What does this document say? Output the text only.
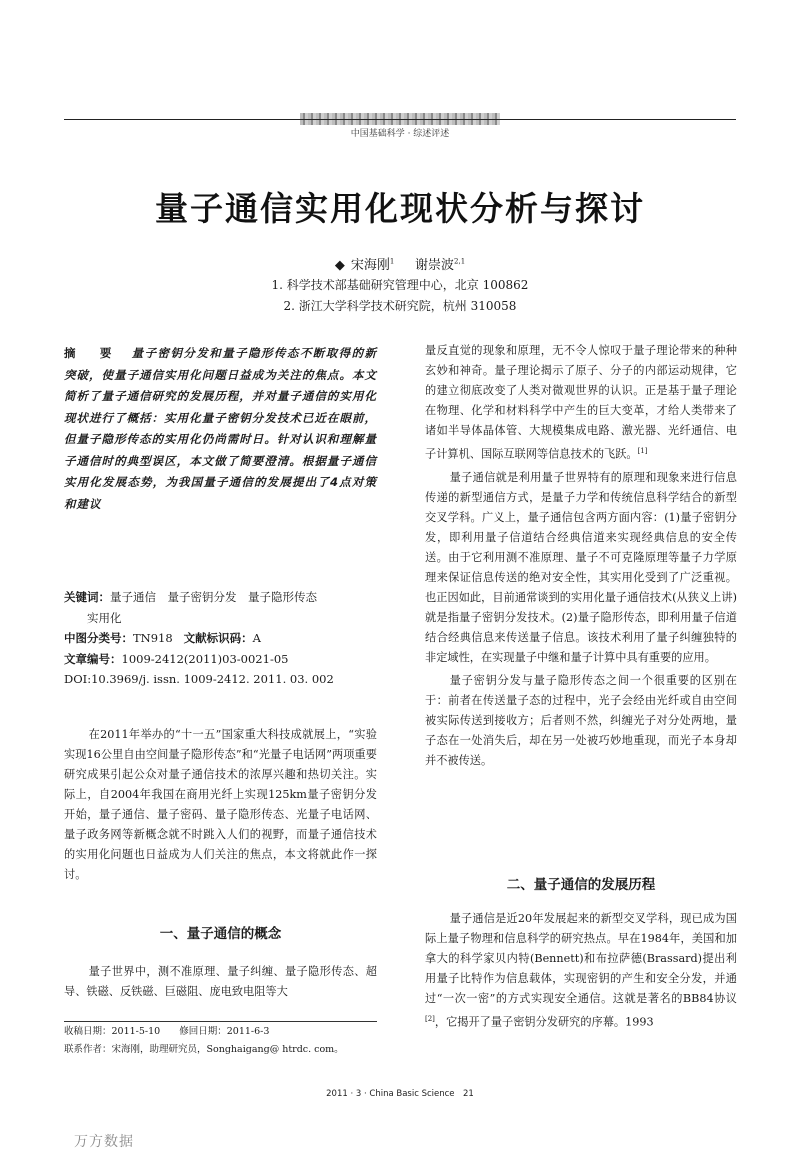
中国基础科学 · 综述评述
量子通信实用化现状分析与探讨
◆ 宋海刚$^1$ 谢崇波$^{2,1}$
1. 科学技术部基础研究管理中心，北京 100862
2. 浙江大学科学技术研究院，杭州 310058
摘　要 量子密钥分发和量子隐形传态不断取得的新突破，使量子通信实用化问题日益成为关注的焦点。本文简析了量子通信研究的发展历程，并对量子通信的实用化现状进行了概括：实用化量子密钥分发技术已近在眼前，但量子隐形传态的实用化仍尚需时日。针对认识和理解量子通信时的典型误区，本文做了简要澄清。根据量子通信实用化发展态势，为我国量子通信的发展提出了4点对策和建议

关键词：量子通信　量子密钥分发　量子隐形传态

实用化

中图分类号：TN918 文献标识码：A

文章编号：1009-2412(2011)03-0021-05

DOI:10.3969/j. issn. 1009-2412. 2011. 03. 002

在2011年举办的“十一五”国家重大科技成就展上，“实验实现16公里自由空间量子隐形传态”和“光量子电话网”两项重要研究成果引起公众对量子通信技术的浓厚兴趣和热切关注。实际上，自2004年我国在商用光纤上实现125km量子密钥分发开始，量子通信、量子密码、量子隐形传态、光量子电话网、量子政务网等新概念就不时跳入人们的视野，而量子通信技术的实用化问题也日益成为人们关注的焦点，本文将就此作一探讨。

一、量子通信的概念

量子世界中，测不准原理、量子纠缠、量子隐形传态、超导、铁磁、反铁磁、巨磁阻、庞电致电阻等大

收稿日期：2011-5-10　　修回日期：2011-6-3
联系作者：宋海刚，助理研究员，Songhaigang@ htrdc. com。

量反直觉的现象和原理，无不令人惊叹于量子理论带来的种种玄妙和神奇。量子理论揭示了原子、分子的内部运动规律，它的建立彻底改变了人类对微观世界的认识。正是基于量子理论在物理、化学和材料科学中产生的巨大变革，才给人类带来了诸如半导体晶体管、大规模集成电路、激光器、光纤通信、电子计算机、国际互联网等信息技术的飞跃。[1]

量子通信就是利用量子世界特有的原理和现象来进行信息传递的新型通信方式，是量子力学和传统信息科学结合的新型交叉学科。广义上，量子通信包含两方面内容：(1)量子密钥分发，即利用量子信道结合经典信道来实现经典信息的安全传送。由于它利用测不准原理、量子不可克隆原理等量子力学原理来保证信息传送的绝对安全性，其实用化受到了广泛重视。也正因如此，目前通常谈到的实用化量子通信技术(从狭义上讲)就是指量子密钥分发技术。(2)量子隐形传态，即利用量子信道结合经典信息来传送量子信息。该技术利用了量子纠缠独特的非定域性，在实现量子中继和量子计算中具有重要的应用。

量子密钥分发与量子隐形传态之间一个很重要的区别在于：前者在传送量子态的过程中，光子会经由光纤或自由空间被实际传送到接收方；后者则不然，纠缠光子对分处两地，量子态在一处消失后，却在另一处被巧妙地重现，而光子本身却并不被传送。

二、量子通信的发展历程

量子通信是近20年发展起来的新型交叉学科，现已成为国际上量子物理和信息科学的研究热点。早在1984年，美国和加拿大的科学家贝内特(Bennett)和布拉萨德(Brassard)提出利用量子比特作为信息载体，实现密钥的产生和安全分发，并通过“一次一密”的方式实现安全通信。这就是著名的BB84协议[2]，它揭开了量子密钥分发研究的序幕。1993

2011 · 3 · China Basic Science　21
万方数据
